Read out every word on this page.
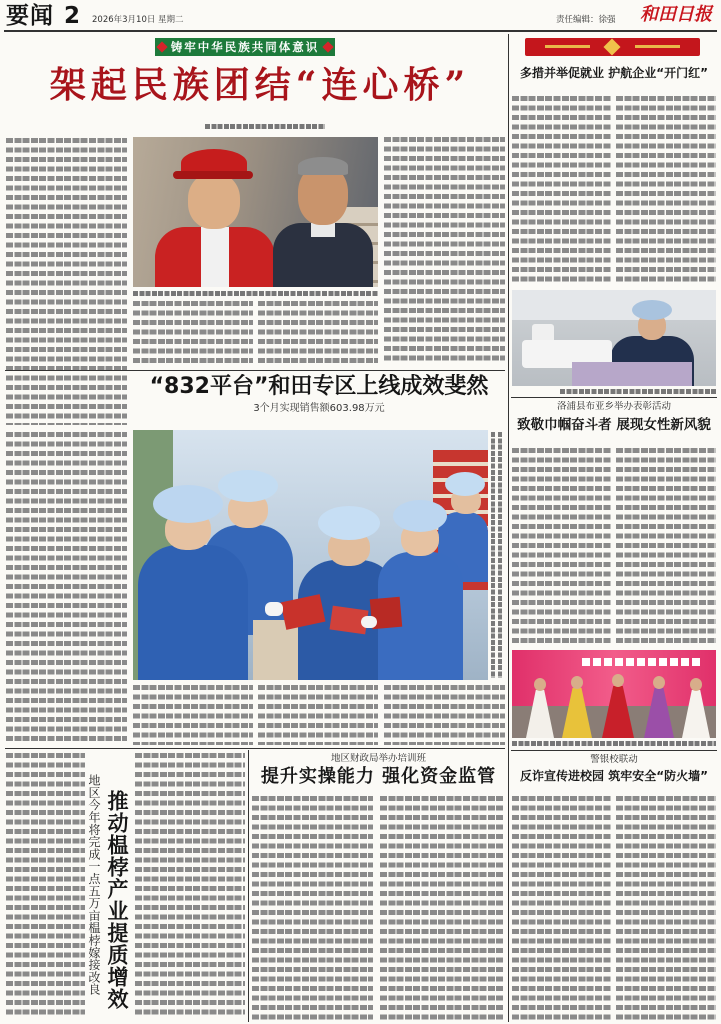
要闻 2 2026年3月10日 星期二	责任编辑：徐强 和田日报
铸牢中华民族共同体意识
架起民族团结“连心桥”
“832平台”和田专区上线成效斐然
3个月实现销售额603.98万元
地区今年将完成一点五万亩榅桲嫁接改良 推动榅桲产业提质增效
地区财政局举办培训班
提升实操能力 强化资金监管
多措并举促就业 护航企业“开门红”
洛浦县布亚乡举办表彰活动
致敬巾帼奋斗者 展现女性新风貌
警银校联动
反诈宣传进校园 筑牢安全“防火墙”
